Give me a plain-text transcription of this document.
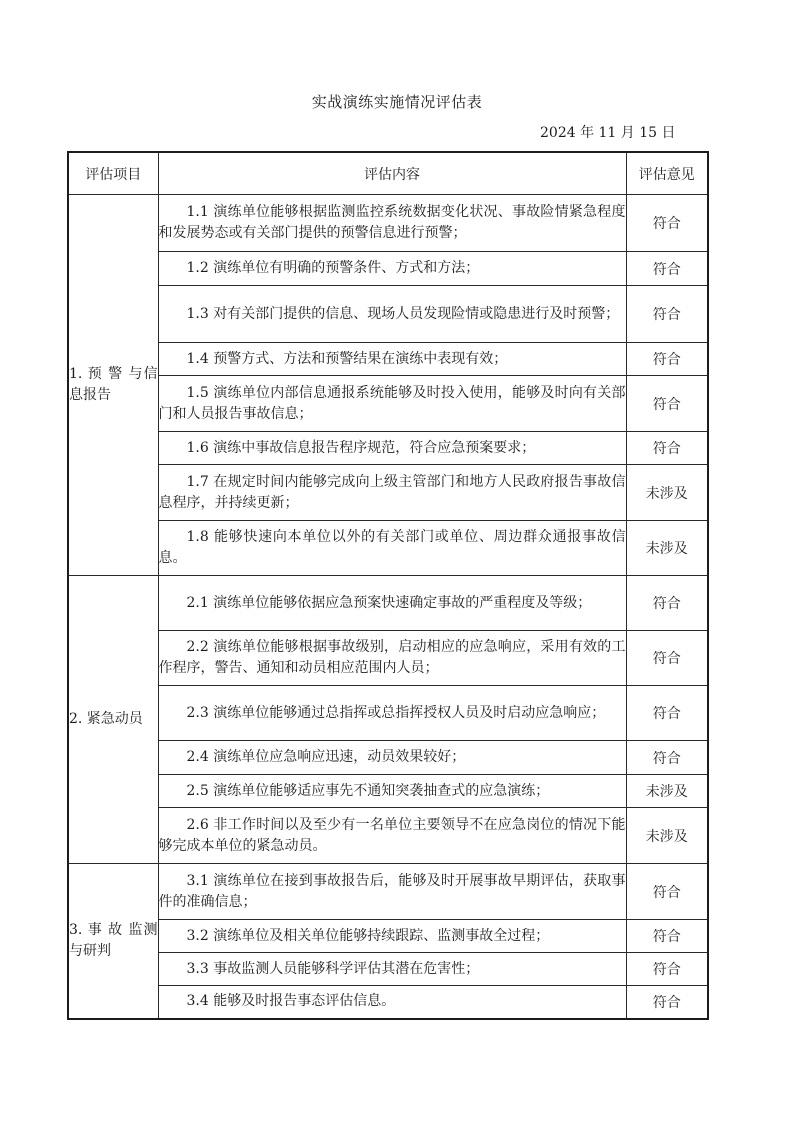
实战演练实施情况评估表
2024 年 11 月 15 日
评估项目	评估内容	评估意见
1. 预 警 与信息报告	1.1 演练单位能够根据监测监控系统数据变化状况、事故险情紧急程度和发展势态或有关部门提供的预警信息进行预警；	符合
	1.2 演练单位有明确的预警条件、方式和方法；	符合
	1.3 对有关部门提供的信息、现场人员发现险情或隐患进行及时预警；	符合
	1.4 预警方式、方法和预警结果在演练中表现有效；	符合
	1.5 演练单位内部信息通报系统能够及时投入使用，能够及时向有关部门和人员报告事故信息；	符合
	1.6 演练中事故信息报告程序规范，符合应急预案要求；	符合
	1.7 在规定时间内能够完成向上级主管部门和地方人民政府报告事故信息程序，并持续更新；	未涉及
	1.8 能够快速向本单位以外的有关部门或单位、周边群众通报事故信息。	未涉及
2. 紧急动员	2.1 演练单位能够依据应急预案快速确定事故的严重程度及等级；	符合
	2.2 演练单位能够根据事故级别，启动相应的应急响应，采用有效的工作程序，警告、通知和动员相应范围内人员；	符合
	2.3 演练单位能够通过总指挥或总指挥授权人员及时启动应急响应；	符合
	2.4 演练单位应急响应迅速，动员效果较好；	符合
	2.5 演练单位能够适应事先不通知突袭抽查式的应急演练；	未涉及
	2.6 非工作时间以及至少有一名单位主要领导不在应急岗位的情况下能够完成本单位的紧急动员。	未涉及
3. 事 故 监测与研判	3.1 演练单位在接到事故报告后，能够及时开展事故早期评估，获取事件的准确信息；	符合
	3.2 演练单位及相关单位能够持续跟踪、监测事故全过程；	符合
	3.3 事故监测人员能够科学评估其潜在危害性；	符合
	3.4 能够及时报告事态评估信息。	符合
